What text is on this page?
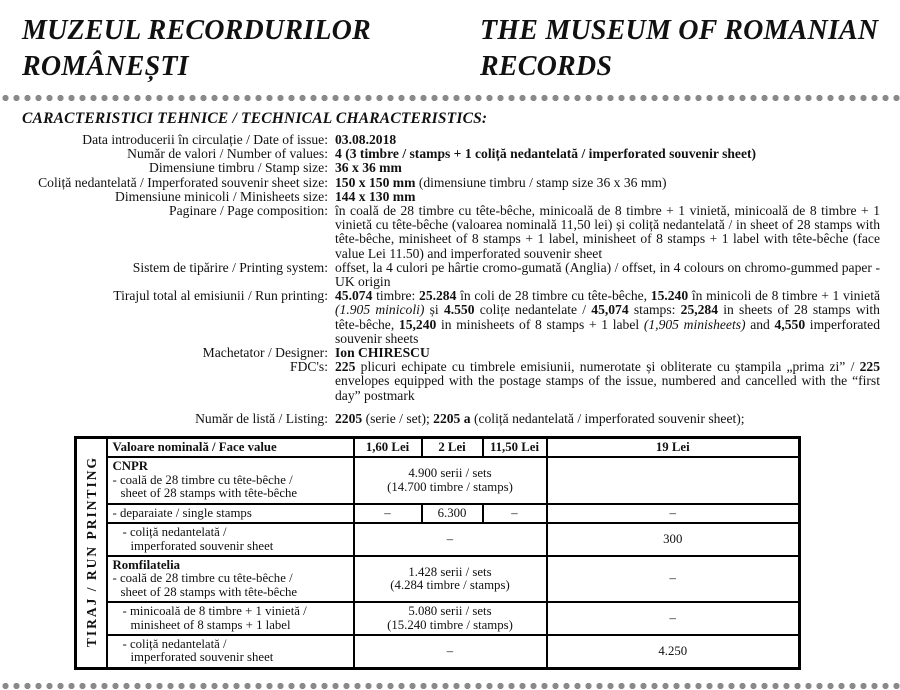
MUZEUL RECORDURILOR ROMÂNEȘTI
THE MUSEUM OF ROMANIAN RECORDS
CARACTERISTICI TEHNICE / TECHNICAL CHARACTERISTICS:
Data introducerii în circulație / Date of issue: 03.08.2018
Număr de valori / Number of values: 4 (3 timbre / stamps + 1 coliță nedantelată / imperforated souvenir sheet)
Dimensiune timbru / Stamp size: 36 x 36 mm
Coliță nedantelată / Imperforated souvenir sheet size: 150 x 150 mm (dimensiune timbru / stamp size 36 x 36 mm)
Dimensiune minicoli / Minisheets size: 144 x 130 mm
Paginare / Page composition: în coală de 28 timbre cu tête-bêche, minicoală de 8 timbre + 1 vinietă, minicoală de 8 timbre + 1 vinietă cu tête-bêche (valoarea nominală 11,50 lei) și coliță nedantelată / in sheet of 28 stamps with tête-bêche, minisheet of 8 stamps + 1 label, minisheet of 8 stamps + 1 label with tête-bêche (face value Lei 11.50) and imperforated souvenir sheet
Sistem de tipărire / Printing system: offset, la 4 culori pe hârtie cromo-gumată (Anglia) / offset, in 4 colours on chromo-gummed paper - UK origin
Tirajul total al emisiunii / Run printing: 45.074 timbre: 25.284 în coli de 28 timbre cu tête-bêche, 15.240 în minicoli de 8 timbre + 1 vinietă (1.905 minicoli) și 4.550 colițe nedantelate / 45,074 stamps: 25,284 in sheets of 28 stamps with tête-bêche, 15,240 in minisheets of 8 stamps + 1 label (1,905 minisheets) and 4,550 imperforated souvenir sheets
Machetator / Designer: Ion CHIRESCU
FDC's: 225 plicuri echipate cu timbrele emisiunii, numerotate și obliterate cu ștampila „prima zi” / 225 envelopes equipped with the postage stamps of the issue, numbered and cancelled with the “first day” postmark
Număr de listă / Listing: 2205 (serie / set); 2205 a (coliță nedantelată / imperforated souvenir sheet);
TIRAJ / RUN PRINTING	Valoare nominală / Face value	1,60 Lei	2 Lei	11,50 Lei	19 Lei

	CNPR
- coală de 28 timbre cu tête-bêche /
sheet of 28 stamps with tête-bêche	4.900 serii / sets
(14.700 timbre / stamps)			

	- deparaiate / single stamps	–	6.300	–	–

	- coliță nedantelată /
imperforated souvenir sheet	–			300

	Romfilatelia
- coală de 28 timbre cu tête-bêche /
sheet of 28 stamps with tête-bêche	1.428 serii / sets
(4.284 timbre / stamps)			–

	- minicoală de 8 timbre + 1 vinietă /
minisheet of 8 stamps + 1 label	5.080 serii / sets
(15.240 timbre / stamps)			–

	- coliță nedantelată /
imperforated souvenir sheet	–			4.250
